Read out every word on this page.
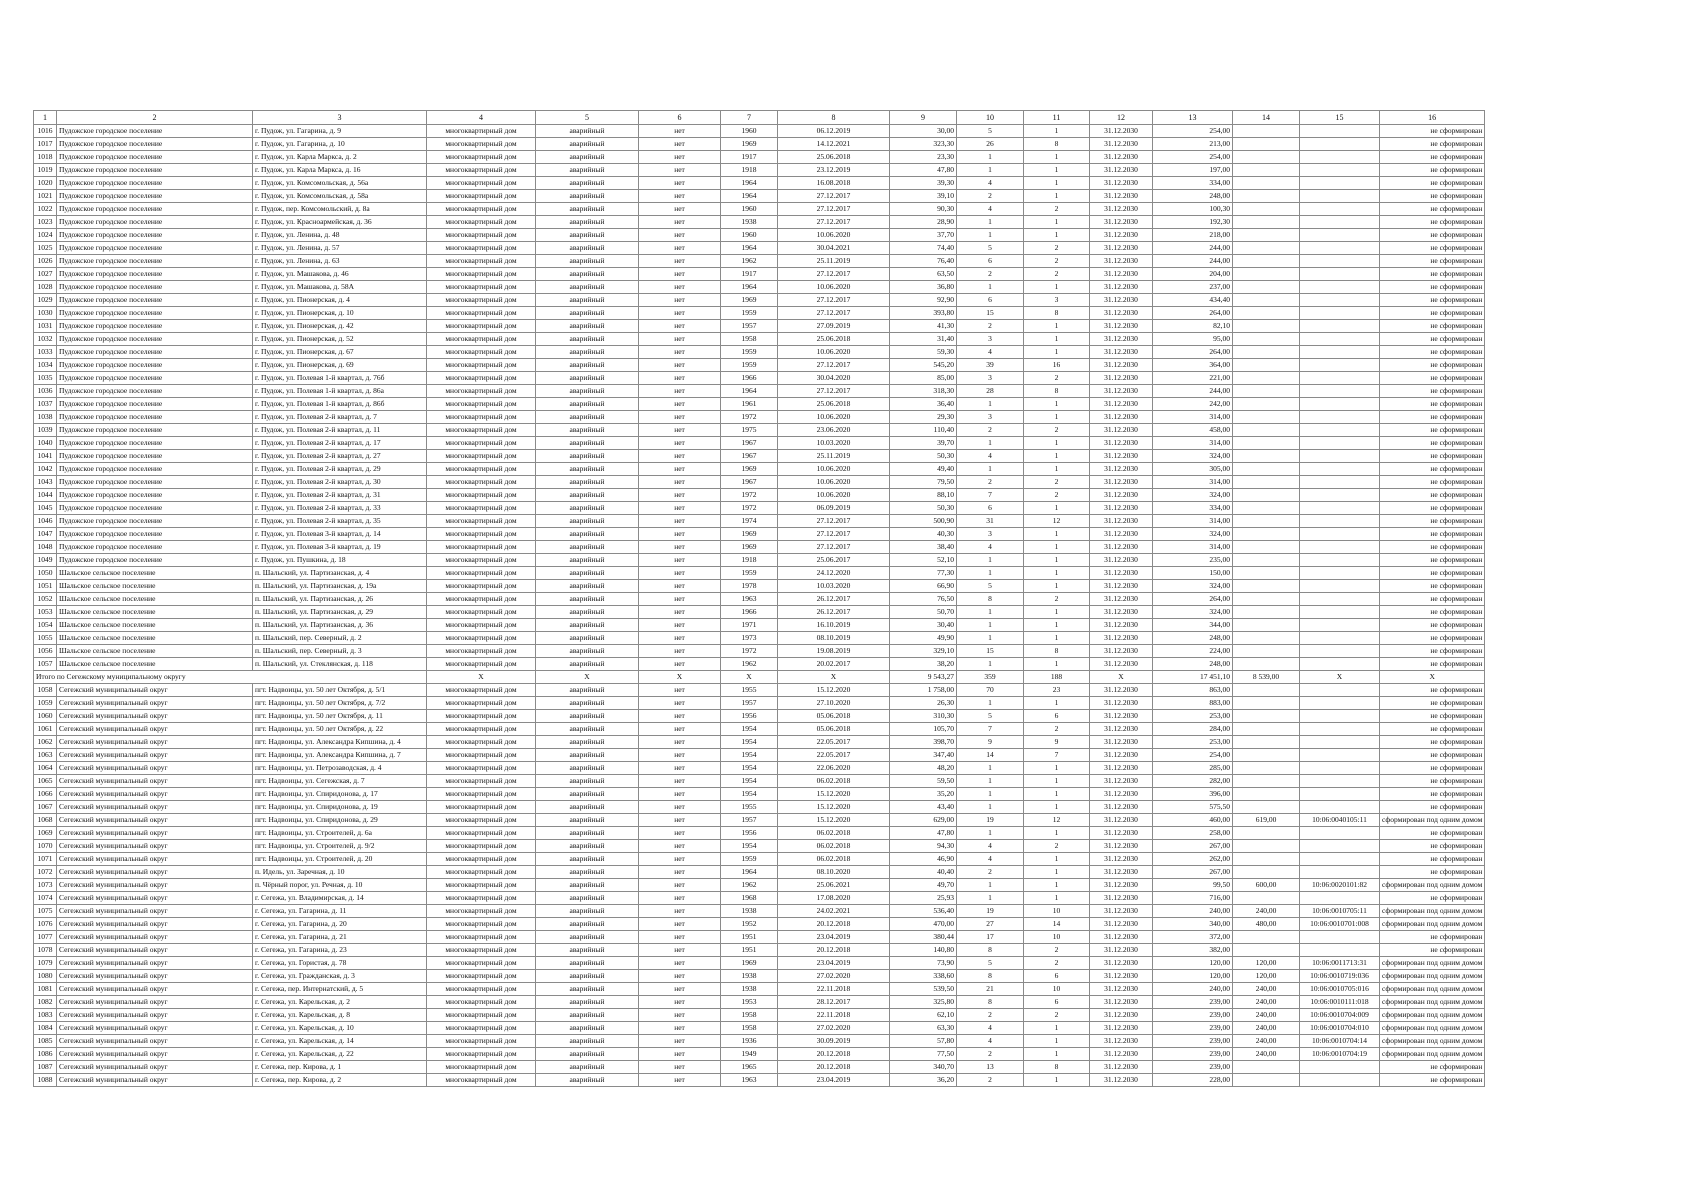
1	2	3	4	5	6	7	8	9	10	11	12	13	14	15	16
1016	Пудожское городское поселение	г. Пудож, ул. Гагарина, д. 9	многоквартирный дом	аварийный	нет	1960	06.12.2019	30,00	5	1	31.12.2030	254,00			не сформирован
1017	Пудожское городское поселение	г. Пудож, ул. Гагарина, д. 10	многоквартирный дом	аварийный	нет	1969	14.12.2021	323,30	26	8	31.12.2030	213,00			не сформирован
1018	Пудожское городское поселение	г. Пудож, ул. Карла Маркса, д. 2	многоквартирный дом	аварийный	нет	1917	25.06.2018	23,30	1	1	31.12.2030	254,00			не сформирован
1019	Пудожское городское поселение	г. Пудож, ул. Карла Маркса, д. 16	многоквартирный дом	аварийный	нет	1918	23.12.2019	47,80	1	1	31.12.2030	197,00			не сформирован
1020	Пудожское городское поселение	г. Пудож, ул. Комсомольская, д. 56а	многоквартирный дом	аварийный	нет	1964	16.08.2018	39,30	4	1	31.12.2030	334,00			не сформирован
1021	Пудожское городское поселение	г. Пудож, ул. Комсомольская, д. 58а	многоквартирный дом	аварийный	нет	1964	27.12.2017	39,10	2	1	31.12.2030	248,00			не сформирован
1022	Пудожское городское поселение	г. Пудож, пер. Комсомольский, д. 8а	многоквартирный дом	аварийный	нет	1960	27.12.2017	90,30	4	2	31.12.2030	100,30			не сформирован
1023	Пудожское городское поселение	г. Пудож, ул. Красноармейская, д. 36	многоквартирный дом	аварийный	нет	1938	27.12.2017	28,90	1	1	31.12.2030	192,30			не сформирован
1024	Пудожское городское поселение	г. Пудож, ул. Ленина, д. 48	многоквартирный дом	аварийный	нет	1960	10.06.2020	37,70	1	1	31.12.2030	218,00			не сформирован
1025	Пудожское городское поселение	г. Пудож, ул. Ленина, д. 57	многоквартирный дом	аварийный	нет	1964	30.04.2021	74,40	5	2	31.12.2030	244,00			не сформирован
1026	Пудожское городское поселение	г. Пудож, ул. Ленина, д. 63	многоквартирный дом	аварийный	нет	1962	25.11.2019	76,40	6	2	31.12.2030	244,00			не сформирован
1027	Пудожское городское поселение	г. Пудож, ул. Машакова, д. 46	многоквартирный дом	аварийный	нет	1917	27.12.2017	63,50	2	2	31.12.2030	204,00			не сформирован
1028	Пудожское городское поселение	г. Пудож, ул. Машакова, д. 58А	многоквартирный дом	аварийный	нет	1964	10.06.2020	36,80	1	1	31.12.2030	237,00			не сформирован
1029	Пудожское городское поселение	г. Пудож, ул. Пионерская, д. 4	многоквартирный дом	аварийный	нет	1969	27.12.2017	92,90	6	3	31.12.2030	434,40			не сформирован
1030	Пудожское городское поселение	г. Пудож, ул. Пионерская, д. 10	многоквартирный дом	аварийный	нет	1959	27.12.2017	393,80	15	8	31.12.2030	264,00			не сформирован
1031	Пудожское городское поселение	г. Пудож, ул. Пионерская, д. 42	многоквартирный дом	аварийный	нет	1957	27.09.2019	41,30	2	1	31.12.2030	82,10			не сформирован
1032	Пудожское городское поселение	г. Пудож, ул. Пионерская, д. 52	многоквартирный дом	аварийный	нет	1958	25.06.2018	31,40	3	1	31.12.2030	95,00			не сформирован
1033	Пудожское городское поселение	г. Пудож, ул. Пионерская, д. 67	многоквартирный дом	аварийный	нет	1959	10.06.2020	59,30	4	1	31.12.2030	264,00			не сформирован
1034	Пудожское городское поселение	г. Пудож, ул. Пионерская, д. 69	многоквартирный дом	аварийный	нет	1959	27.12.2017	545,20	39	16	31.12.2030	364,00			не сформирован
1035	Пудожское городское поселение	г. Пудож, ул. Полевая 1-й квартал, д. 76б	многоквартирный дом	аварийный	нет	1966	30.04.2020	85,00	3	2	31.12.2030	221,00			не сформирован
1036	Пудожское городское поселение	г. Пудож, ул. Полевая 1-й квартал, д. 86а	многоквартирный дом	аварийный	нет	1964	27.12.2017	318,30	28	8	31.12.2030	244,00			не сформирован
1037	Пудожское городское поселение	г. Пудож, ул. Полевая 1-й квартал, д. 86б	многоквартирный дом	аварийный	нет	1961	25.06.2018	36,40	1	1	31.12.2030	242,00			не сформирован
1038	Пудожское городское поселение	г. Пудож, ул. Полевая 2-й квартал, д. 7	многоквартирный дом	аварийный	нет	1972	10.06.2020	29,30	3	1	31.12.2030	314,00			не сформирован
1039	Пудожское городское поселение	г. Пудож, ул. Полевая 2-й квартал, д. 11	многоквартирный дом	аварийный	нет	1975	23.06.2020	110,40	2	2	31.12.2030	458,00			не сформирован
1040	Пудожское городское поселение	г. Пудож, ул. Полевая 2-й квартал, д. 17	многоквартирный дом	аварийный	нет	1967	10.03.2020	39,70	1	1	31.12.2030	314,00			не сформирован
1041	Пудожское городское поселение	г. Пудож, ул. Полевая 2-й квартал, д. 27	многоквартирный дом	аварийный	нет	1967	25.11.2019	50,30	4	1	31.12.2030	324,00			не сформирован
1042	Пудожское городское поселение	г. Пудож, ул. Полевая 2-й квартал, д. 29	многоквартирный дом	аварийный	нет	1969	10.06.2020	49,40	1	1	31.12.2030	305,00			не сформирован
1043	Пудожское городское поселение	г. Пудож, ул. Полевая 2-й квартал, д. 30	многоквартирный дом	аварийный	нет	1967	10.06.2020	79,50	2	2	31.12.2030	314,00			не сформирован
1044	Пудожское городское поселение	г. Пудож, ул. Полевая 2-й квартал, д. 31	многоквартирный дом	аварийный	нет	1972	10.06.2020	88,10	7	2	31.12.2030	324,00			не сформирован
1045	Пудожское городское поселение	г. Пудож, ул. Полевая 2-й квартал, д. 33	многоквартирный дом	аварийный	нет	1972	06.09.2019	50,30	6	1	31.12.2030	334,00			не сформирован
1046	Пудожское городское поселение	г. Пудож, ул. Полевая 2-й квартал, д. 35	многоквартирный дом	аварийный	нет	1974	27.12.2017	500,90	31	12	31.12.2030	314,00			не сформирован
1047	Пудожское городское поселение	г. Пудож, ул. Полевая 3-й квартал, д. 14	многоквартирный дом	аварийный	нет	1969	27.12.2017	40,30	3	1	31.12.2030	324,00			не сформирован
1048	Пудожское городское поселение	г. Пудож, ул. Полевая 3-й квартал, д. 19	многоквартирный дом	аварийный	нет	1969	27.12.2017	38,40	4	1	31.12.2030	314,00			не сформирован
1049	Пудожское городское поселение	г. Пудож, ул. Пушкина, д. 18	многоквартирный дом	аварийный	нет	1918	25.06.2017	52,10	1	1	31.12.2030	235,00			не сформирован
1050	Шальское сельское поселение	п. Шальский, ул. Партизанская, д. 4	многоквартирный дом	аварийный	нет	1959	24.12.2020	77,30	1	1	31.12.2030	150,00			не сформирован
1051	Шальское сельское поселение	п. Шальский, ул. Партизанская, д. 19а	многоквартирный дом	аварийный	нет	1978	10.03.2020	66,90	5	1	31.12.2030	324,00			не сформирован
1052	Шальское сельское поселение	п. Шальский, ул. Партизанская, д. 26	многоквартирный дом	аварийный	нет	1963	26.12.2017	76,50	8	2	31.12.2030	264,00			не сформирован
1053	Шальское сельское поселение	п. Шальский, ул. Партизанская, д. 29	многоквартирный дом	аварийный	нет	1966	26.12.2017	50,70	1	1	31.12.2030	324,00			не сформирован
1054	Шальское сельское поселение	п. Шальский, ул. Партизанская, д. 36	многоквартирный дом	аварийный	нет	1971	16.10.2019	30,40	1	1	31.12.2030	344,00			не сформирован
1055	Шальское сельское поселение	п. Шальский, пер. Северный, д. 2	многоквартирный дом	аварийный	нет	1973	08.10.2019	49,90	1	1	31.12.2030	248,00			не сформирован
1056	Шальское сельское поселение	п. Шальский, пер. Северный, д. 3	многоквартирный дом	аварийный	нет	1972	19.08.2019	329,10	15	8	31.12.2030	224,00			не сформирован
1057	Шальское сельское поселение	п. Шальский, ул. Стеклянская, д. 118	многоквартирный дом	аварийный	нет	1962	20.02.2017	38,20	1	1	31.12.2030	248,00			не сформирован
Итого по Сегежскому муниципальному округу			X	X	X	X	X	9 543,27	359	188	X	17 451,10	8 539,00	X	X
1058	Сегежский муниципальный округ	пгт. Надвоицы, ул. 50 лет Октября, д. 5/1	многоквартирный дом	аварийный	нет	1955	15.12.2020	1 758,00	70	23	31.12.2030	863,00			не сформирован
1059	Сегежский муниципальный округ	пгт. Надвоицы, ул. 50 лет Октября, д. 7/2	многоквартирный дом	аварийный	нет	1957	27.10.2020	26,30	1	1	31.12.2030	883,00			не сформирован
1060	Сегежский муниципальный округ	пгт. Надвоицы, ул. 50 лет Октября, д. 11	многоквартирный дом	аварийный	нет	1956	05.06.2018	310,30	5	6	31.12.2030	253,00			не сформирован
1061	Сегежский муниципальный округ	пгт. Надвоицы, ул. 50 лет Октября, д. 22	многоквартирный дом	аварийный	нет	1954	05.06.2018	105,70	7	2	31.12.2030	284,00			не сформирован
1062	Сегежский муниципальный округ	пгт. Надвоицы, ул. Александра Кипшина, д. 4	многоквартирный дом	аварийный	нет	1954	22.05.2017	398,70	9	9	31.12.2030	253,00			не сформирован
1063	Сегежский муниципальный округ	пгт. Надвоицы, ул. Александра Кипшина, д. 7	многоквартирный дом	аварийный	нет	1954	22.05.2017	347,40	14	7	31.12.2030	254,00			не сформирован
1064	Сегежский муниципальный округ	пгт. Надвоицы, ул. Петрозаводская, д. 4	многоквартирный дом	аварийный	нет	1954	22.06.2020	48,20	1	1	31.12.2030	285,00			не сформирован
1065	Сегежский муниципальный округ	пгт. Надвоицы, ул. Сегежская, д. 7	многоквартирный дом	аварийный	нет	1954	06.02.2018	59,50	1	1	31.12.2030	282,00			не сформирован
1066	Сегежский муниципальный округ	пгт. Надвоицы, ул. Спиридонова, д. 17	многоквартирный дом	аварийный	нет	1954	15.12.2020	35,20	1	1	31.12.2030	396,00			не сформирован
1067	Сегежский муниципальный округ	пгт. Надвоицы, ул. Спиридонова, д. 19	многоквартирный дом	аварийный	нет	1955	15.12.2020	43,40	1	1	31.12.2030	575,50			не сформирован
1068	Сегежский муниципальный округ	пгт. Надвоицы, ул. Спиридонова, д. 29	многоквартирный дом	аварийный	нет	1957	15.12.2020	629,00	19	12	31.12.2030	460,00	619,00	10:06:0040105:11	сформирован под одним домом
1069	Сегежский муниципальный округ	пгт. Надвоицы, ул. Строителей, д. 6а	многоквартирный дом	аварийный	нет	1956	06.02.2018	47,80	1	1	31.12.2030	258,00			не сформирован
1070	Сегежский муниципальный округ	пгт. Надвоицы, ул. Строителей, д. 9/2	многоквартирный дом	аварийный	нет	1954	06.02.2018	94,30	4	2	31.12.2030	267,00			не сформирован
1071	Сегежский муниципальный округ	пгт. Надвоицы, ул. Строителей, д. 20	многоквартирный дом	аварийный	нет	1959	06.02.2018	46,90	4	1	31.12.2030	262,00			не сформирован
1072	Сегежский муниципальный округ	п. Идель, ул. Заречная, д. 10	многоквартирный дом	аварийный	нет	1964	08.10.2020	40,40	2	1	31.12.2030	267,00			не сформирован
1073	Сегежский муниципальный округ	п. Чёрный порог, ул. Речная, д. 10	многоквартирный дом	аварийный	нет	1962	25.06.2021	49,70	1	1	31.12.2030	99,50	600,00	10:06:0020101:82	сформирован под одним домом
1074	Сегежский муниципальный округ	г. Сегежа, ул. Владимирская, д. 14	многоквартирный дом	аварийный	нет	1968	17.08.2020	25,93	1	1	31.12.2030	716,00			не сформирован
1075	Сегежский муниципальный округ	г. Сегежа, ул. Гагарина, д. 11	многоквартирный дом	аварийный	нет	1938	24.02.2021	536,40	19	10	31.12.2030	240,00	240,00	10:06:0010705:11	сформирован под одним домом
1076	Сегежский муниципальный округ	г. Сегежа, ул. Гагарина, д. 20	многоквартирный дом	аварийный	нет	1952	20.12.2018	470,00	27	14	31.12.2030	340,00	480,00	10:06:0010701:008	сформирован под одним домом
1077	Сегежский муниципальный округ	г. Сегежа, ул. Гагарина, д. 21	многоквартирный дом	аварийный	нет	1951	23.04.2019	380,44	17	10	31.12.2030	372,00			не сформирован
1078	Сегежский муниципальный округ	г. Сегежа, ул. Гагарина, д. 23	многоквартирный дом	аварийный	нет	1951	20.12.2018	140,80	8	2	31.12.2030	382,00			не сформирован
1079	Сегежский муниципальный округ	г. Сегежа, ул. Гористая, д. 78	многоквартирный дом	аварийный	нет	1969	23.04.2019	73,90	5	2	31.12.2030	120,00	120,00	10:06:0011713:31	сформирован под одним домом
1080	Сегежский муниципальный округ	г. Сегежа, ул. Гражданская, д. 3	многоквартирный дом	аварийный	нет	1938	27.02.2020	338,60	8	6	31.12.2030	120,00	120,00	10:06:0010719:036	сформирован под одним домом
1081	Сегежский муниципальный округ	г. Сегежа, пер. Интернатский, д. 5	многоквартирный дом	аварийный	нет	1938	22.11.2018	539,50	21	10	31.12.2030	240,00	240,00	10:06:0010705:016	сформирован под одним домом
1082	Сегежский муниципальный округ	г. Сегежа, ул. Карельская, д. 2	многоквартирный дом	аварийный	нет	1953	28.12.2017	325,80	8	6	31.12.2030	239,00	240,00	10:06:0010111:018	сформирован под одним домом
1083	Сегежский муниципальный округ	г. Сегежа, ул. Карельская, д. 8	многоквартирный дом	аварийный	нет	1958	22.11.2018	62,10	2	2	31.12.2030	239,00	240,00	10:06:0010704:009	сформирован под одним домом
1084	Сегежский муниципальный округ	г. Сегежа, ул. Карельская, д. 10	многоквартирный дом	аварийный	нет	1958	27.02.2020	63,30	4	1	31.12.2030	239,00	240,00	10:06:0010704:010	сформирован под одним домом
1085	Сегежский муниципальный округ	г. Сегежа, ул. Карельская, д. 14	многоквартирный дом	аварийный	нет	1936	30.09.2019	57,80	4	1	31.12.2030	239,00	240,00	10:06:0010704:14	сформирован под одним домом
1086	Сегежский муниципальный округ	г. Сегежа, ул. Карельская, д. 22	многоквартирный дом	аварийный	нет	1949	20.12.2018	77,50	2	1	31.12.2030	239,00	240,00	10:06:0010704:19	сформирован под одним домом
1087	Сегежский муниципальный округ	г. Сегежа, пер. Кирова, д. 1	многоквартирный дом	аварийный	нет	1965	20.12.2018	340,70	13	8	31.12.2030	239,00			не сформирован
1088	Сегежский муниципальный округ	г. Сегежа, пер. Кирова, д. 2	многоквартирный дом	аварийный	нет	1963	23.04.2019	36,20	2	1	31.12.2030	228,00			не сформирован
